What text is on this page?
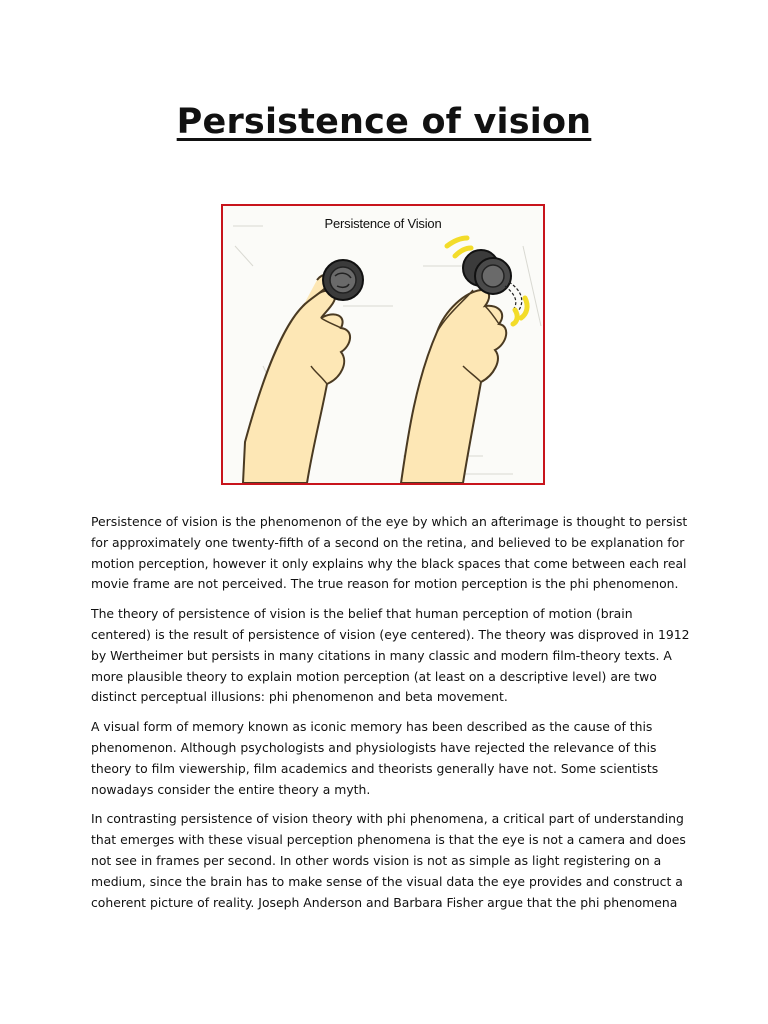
Persistence of vision
Persistence of Vision

Persistence of vision is the phenomenon of the eye by which an afterimage is thought to persist for approximately one twenty-fifth of a second on the retina, and believed to be explanation for motion perception, however it only explains why the black spaces that come between each real movie frame are not perceived. The true reason for motion perception is the phi phenomenon.

The theory of persistence of vision is the belief that human perception of motion (brain centered) is the result of persistence of vision (eye centered). The theory was disproved in 1912 by Wertheimer but persists in many citations in many classic and modern film-theory texts. A more plausible theory to explain motion perception (at least on a descriptive level) are two distinct perceptual illusions: phi phenomenon and beta movement.

A visual form of memory known as iconic memory has been described as the cause of this phenomenon. Although psychologists and physiologists have rejected the relevance of this theory to film viewership, film academics and theorists generally have not. Some scientists nowadays consider the entire theory a myth.

In contrasting persistence of vision theory with phi phenomena, a critical part of understanding that emerges with these visual perception phenomena is that the eye is not a camera and does not see in frames per second. In other words vision is not as simple as light registering on a medium, since the brain has to make sense of the visual data the eye provides and construct a coherent picture of reality. Joseph Anderson and Barbara Fisher argue that the phi phenomena
